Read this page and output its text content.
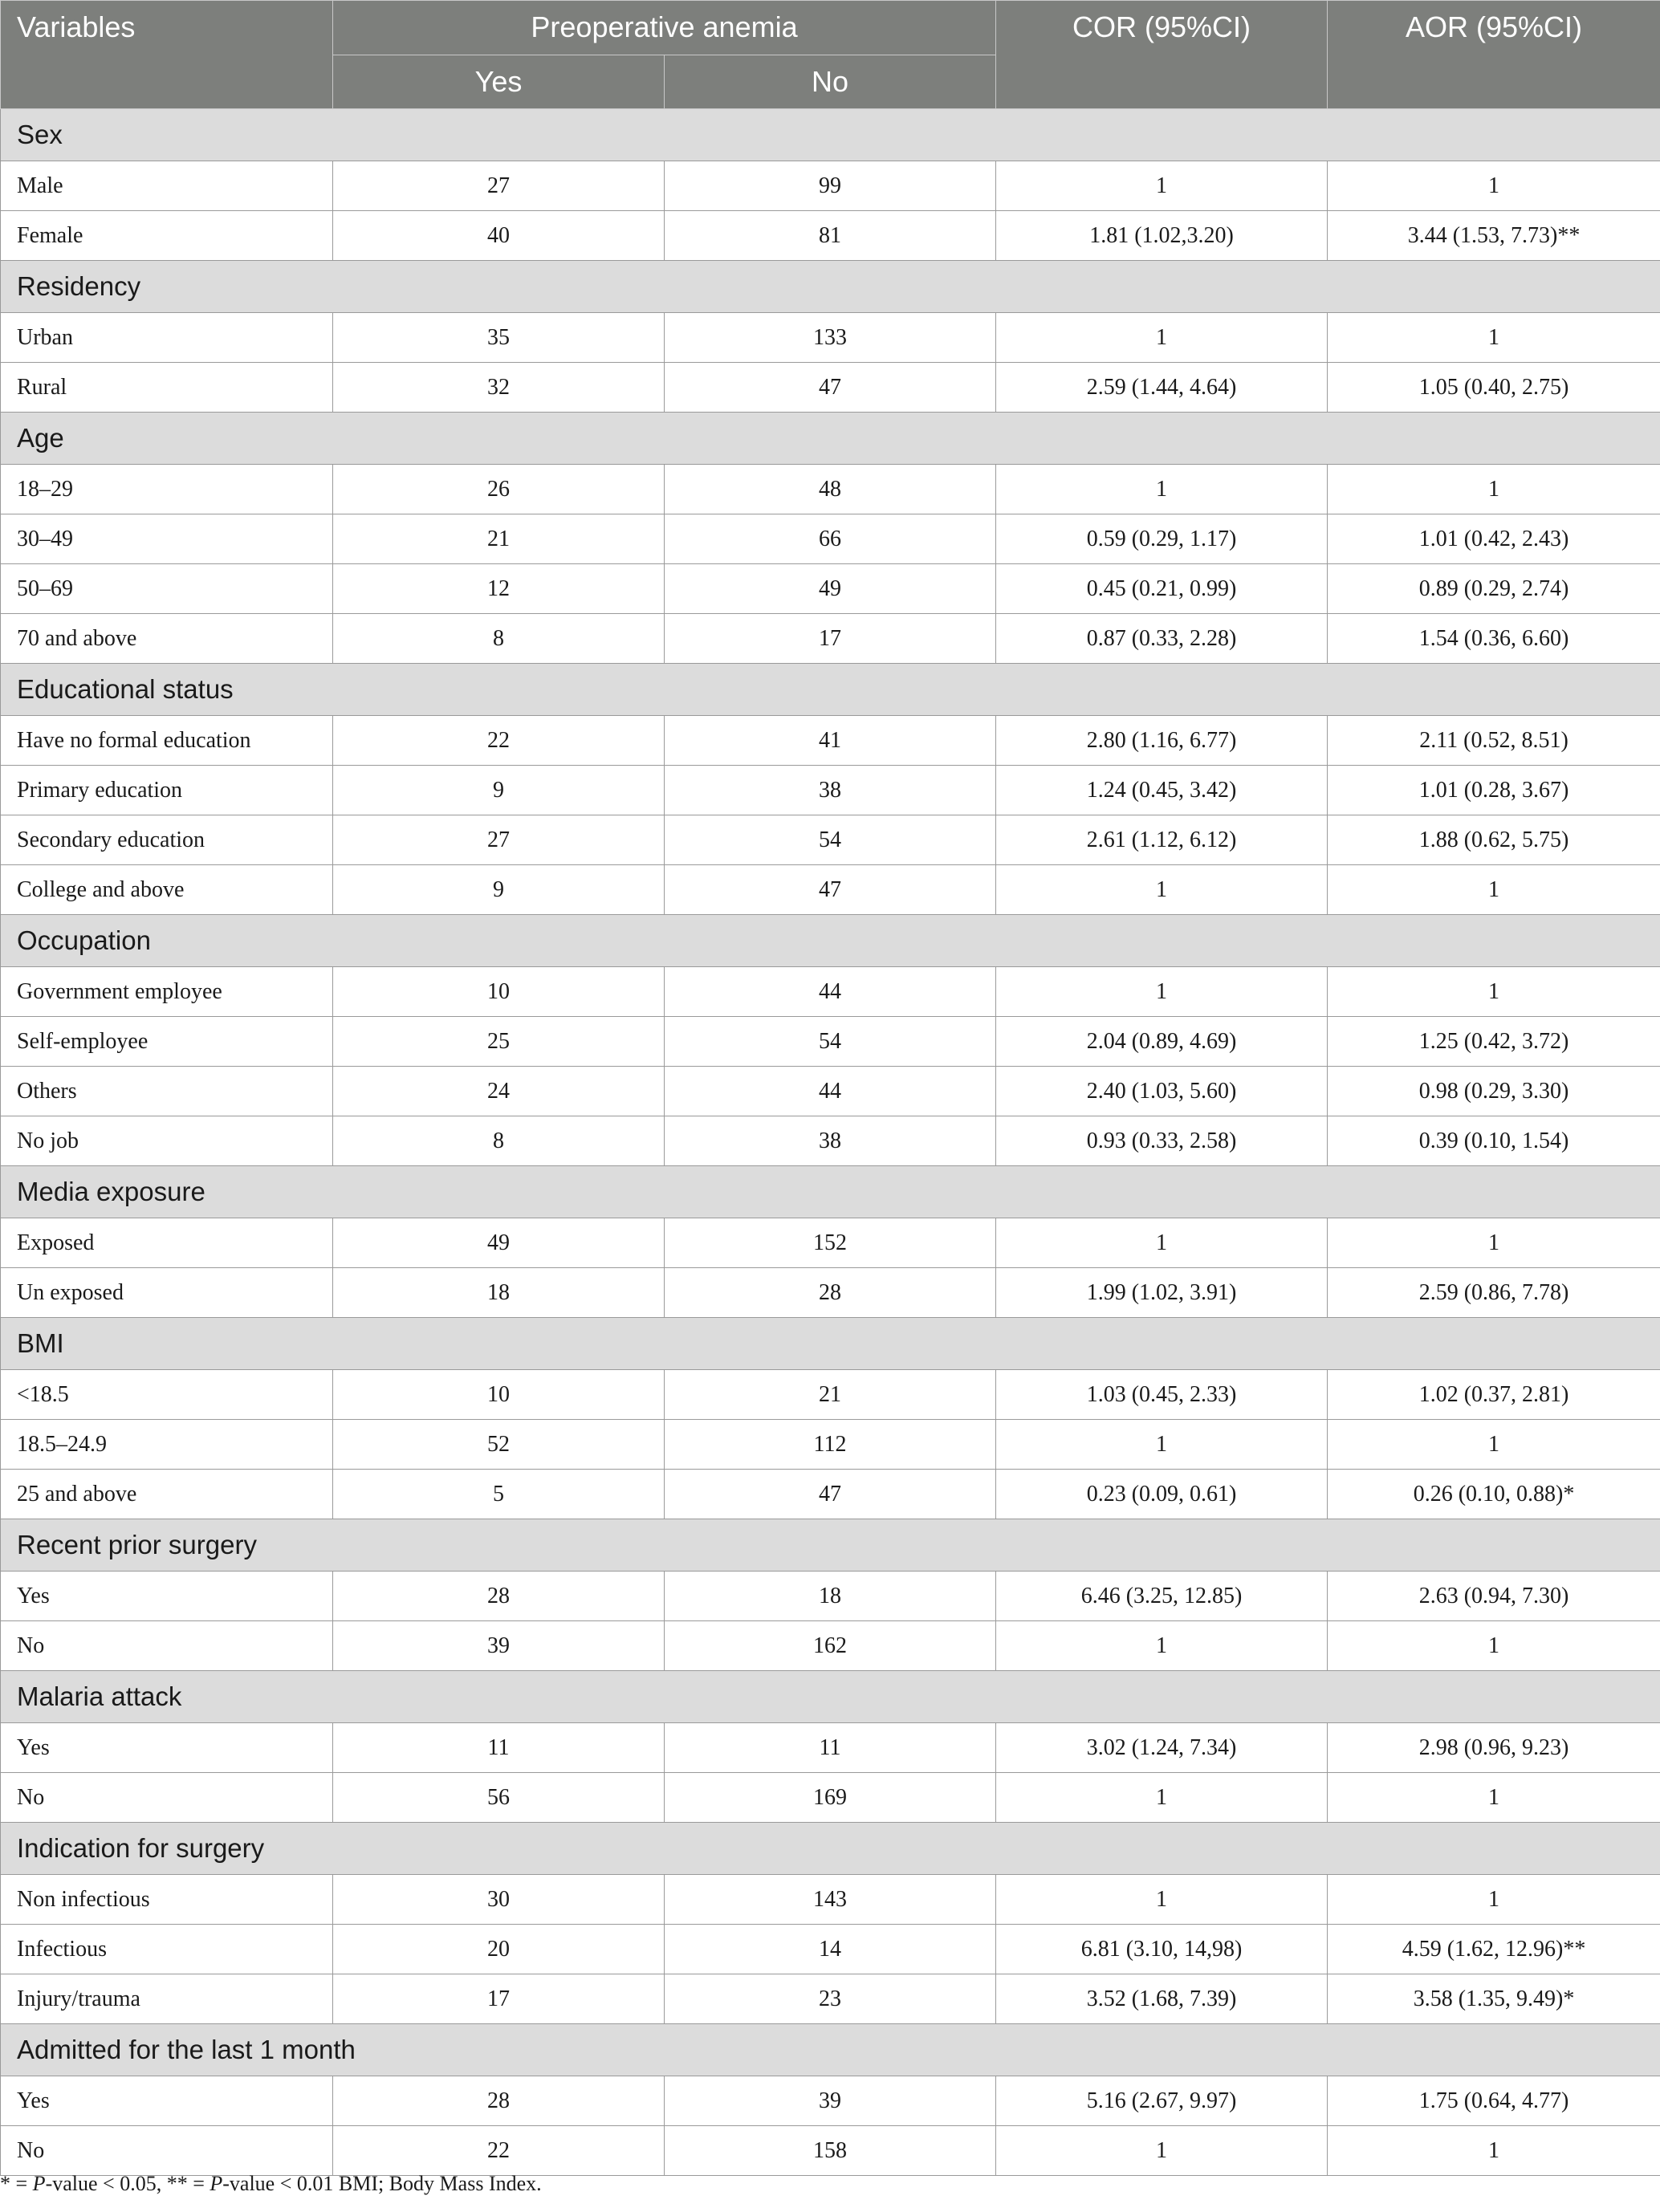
Variables	Preoperative anemia		COR (95%CI)	AOR (95%CI)
	Yes	No		
Sex				
Male	27	99	1	1
Female	40	81	1.81 (1.02,3.20)	3.44 (1.53, 7.73)**
Residency				
Urban	35	133	1	1
Rural	32	47	2.59 (1.44, 4.64)	1.05 (0.40, 2.75)
Age				
18–29	26	48	1	1
30–49	21	66	0.59 (0.29, 1.17)	1.01 (0.42, 2.43)
50–69	12	49	0.45 (0.21, 0.99)	0.89 (0.29, 2.74)
70 and above	8	17	0.87 (0.33, 2.28)	1.54 (0.36, 6.60)
Educational status				
Have no formal education	22	41	2.80 (1.16, 6.77)	2.11 (0.52, 8.51)
Primary education	9	38	1.24 (0.45, 3.42)	1.01 (0.28, 3.67)
Secondary education	27	54	2.61 (1.12, 6.12)	1.88 (0.62, 5.75)
College and above	9	47	1	1
Occupation				
Government employee	10	44	1	1
Self-employee	25	54	2.04 (0.89, 4.69)	1.25 (0.42, 3.72)
Others	24	44	2.40 (1.03, 5.60)	0.98 (0.29, 3.30)
No job	8	38	0.93 (0.33, 2.58)	0.39 (0.10, 1.54)
Media exposure				
Exposed	49	152	1	1
Un exposed	18	28	1.99 (1.02, 3.91)	2.59 (0.86, 7.78)
BMI				
<18.5	10	21	1.03 (0.45, 2.33)	1.02 (0.37, 2.81)
18.5–24.9	52	112	1	1
25 and above	5	47	0.23 (0.09, 0.61)	0.26 (0.10, 0.88)*
Recent prior surgery				
Yes	28	18	6.46 (3.25, 12.85)	2.63 (0.94, 7.30)
No	39	162	1	1
Malaria attack				
Yes	11	11	3.02 (1.24, 7.34)	2.98 (0.96, 9.23)
No	56	169	1	1
Indication for surgery				
Non infectious	30	143	1	1
Infectious	20	14	6.81 (3.10, 14,98)	4.59 (1.62, 12.96)**
Injury/trauma	17	23	3.52 (1.68, 7.39)	3.58 (1.35, 9.49)*
Admitted for the last 1 month				
Yes	28	39	5.16 (2.67, 9.97)	1.75 (0.64, 4.77)
No	22	158	1	1
* = P-value < 0.05, ** = P-value < 0.01 BMI; Body Mass Index.
